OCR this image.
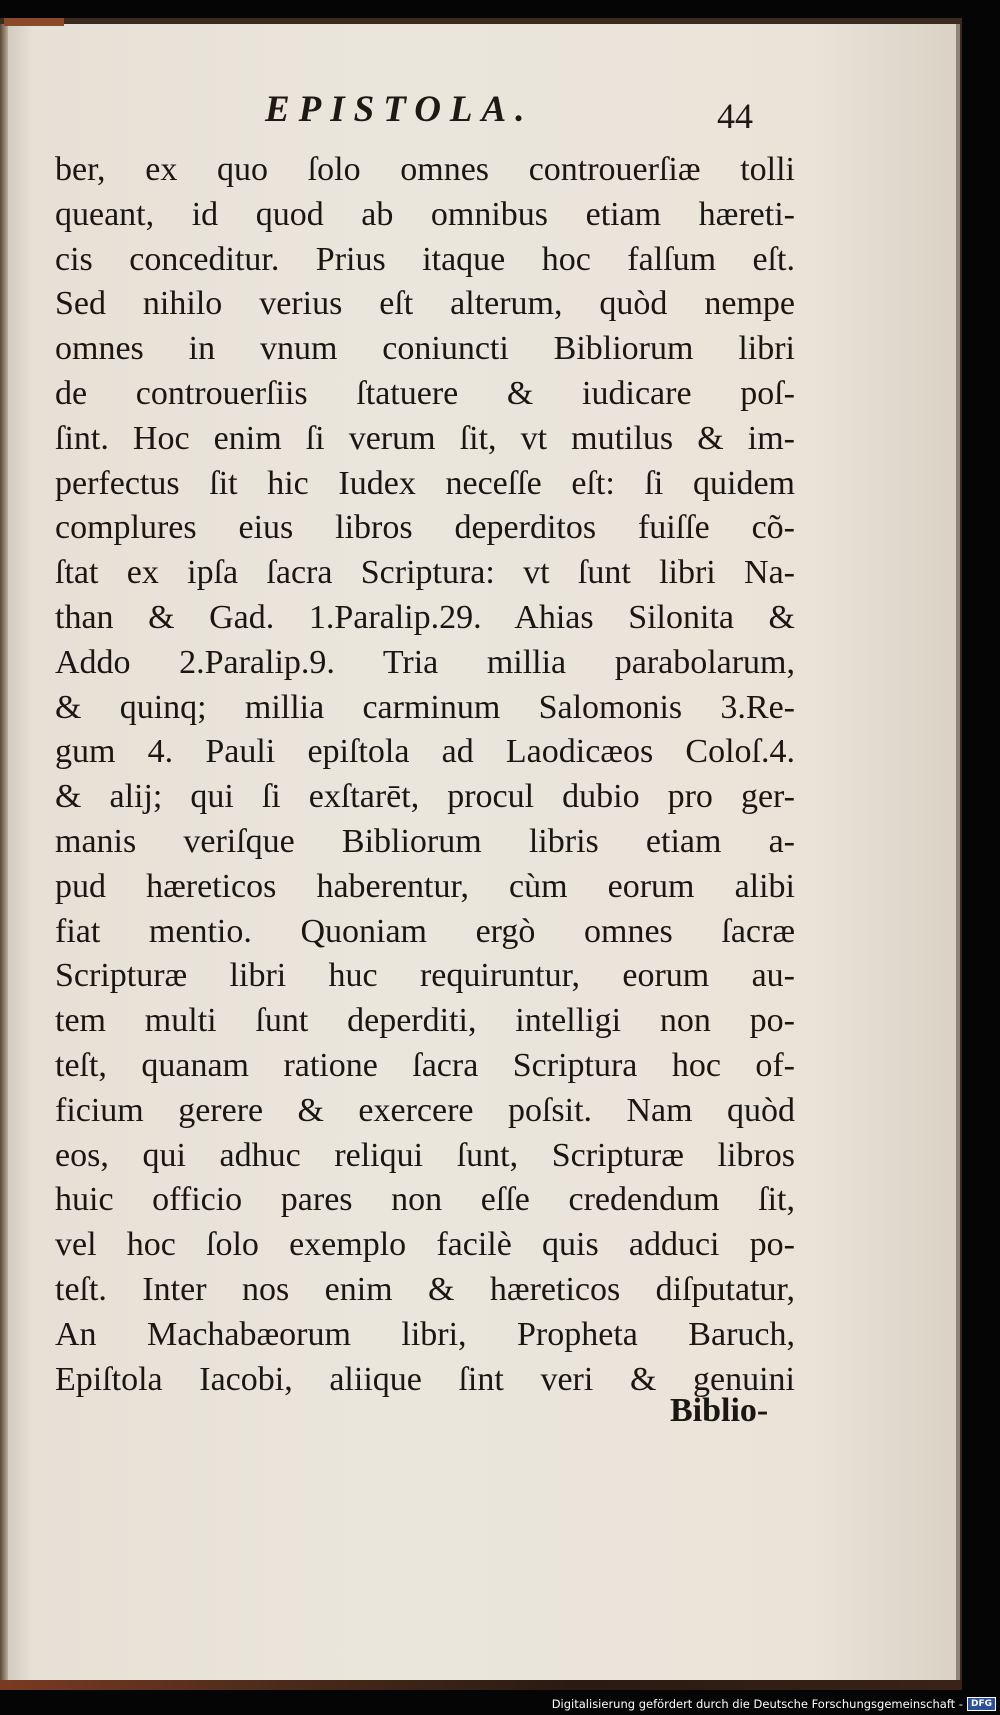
EPISTOLA.	44
ber, ex quo ſolo omnes controuerſiæ tolli
queant, id quod ab omnibus etiam hæreti-
cis conceditur. Prius itaque hoc falſum eſt.
Sed nihilo verius eſt alterum, quòd nempe
omnes in vnum coniuncti Bibliorum libri
de controuerſiis ſtatuere & iudicare poſ-
ſint. Hoc enim ſi verum ſit, vt mutilus & im-
perfectus ſit hic Iudex neceſſe eſt: ſi quidem
complures eius libros deperditos fuiſſe cõ-
ſtat ex ipſa ſacra Scriptura: vt ſunt libri Na-
than & Gad. 1.Paralip.29. Ahias Silonita &
Addo 2.Paralip.9. Tria millia parabolarum,
& quinq; millia carminum Salomonis 3.Re-
gum 4. Pauli epiſtola ad Laodicæos Coloſ.4.
& alij; qui ſi exſtarēt, procul dubio pro ger-
manis veriſque Bibliorum libris etiam a-
pud hæreticos haberentur, cùm eorum alibi
fiat mentio. Quoniam ergò omnes ſacræ
Scripturæ libri huc requiruntur, eorum au-
tem multi ſunt deperditi, intelligi non po-
teſt, quanam ratione ſacra Scriptura hoc of-
ficium gerere & exercere poſsit. Nam quòd
eos, qui adhuc reliqui ſunt, Scripturæ libros
huic officio pares non eſſe credendum ſit,
vel hoc ſolo exemplo facilè quis adduci po-
teſt. Inter nos enim & hæreticos diſputatur,
An Machabæorum libri, Propheta Baruch,
Epiſtola Iacobi, aliique ſint veri & genuini
Biblio-
Digitalisierung gefördert durch die Deutsche Forschungsgemeinschaft - DFG
